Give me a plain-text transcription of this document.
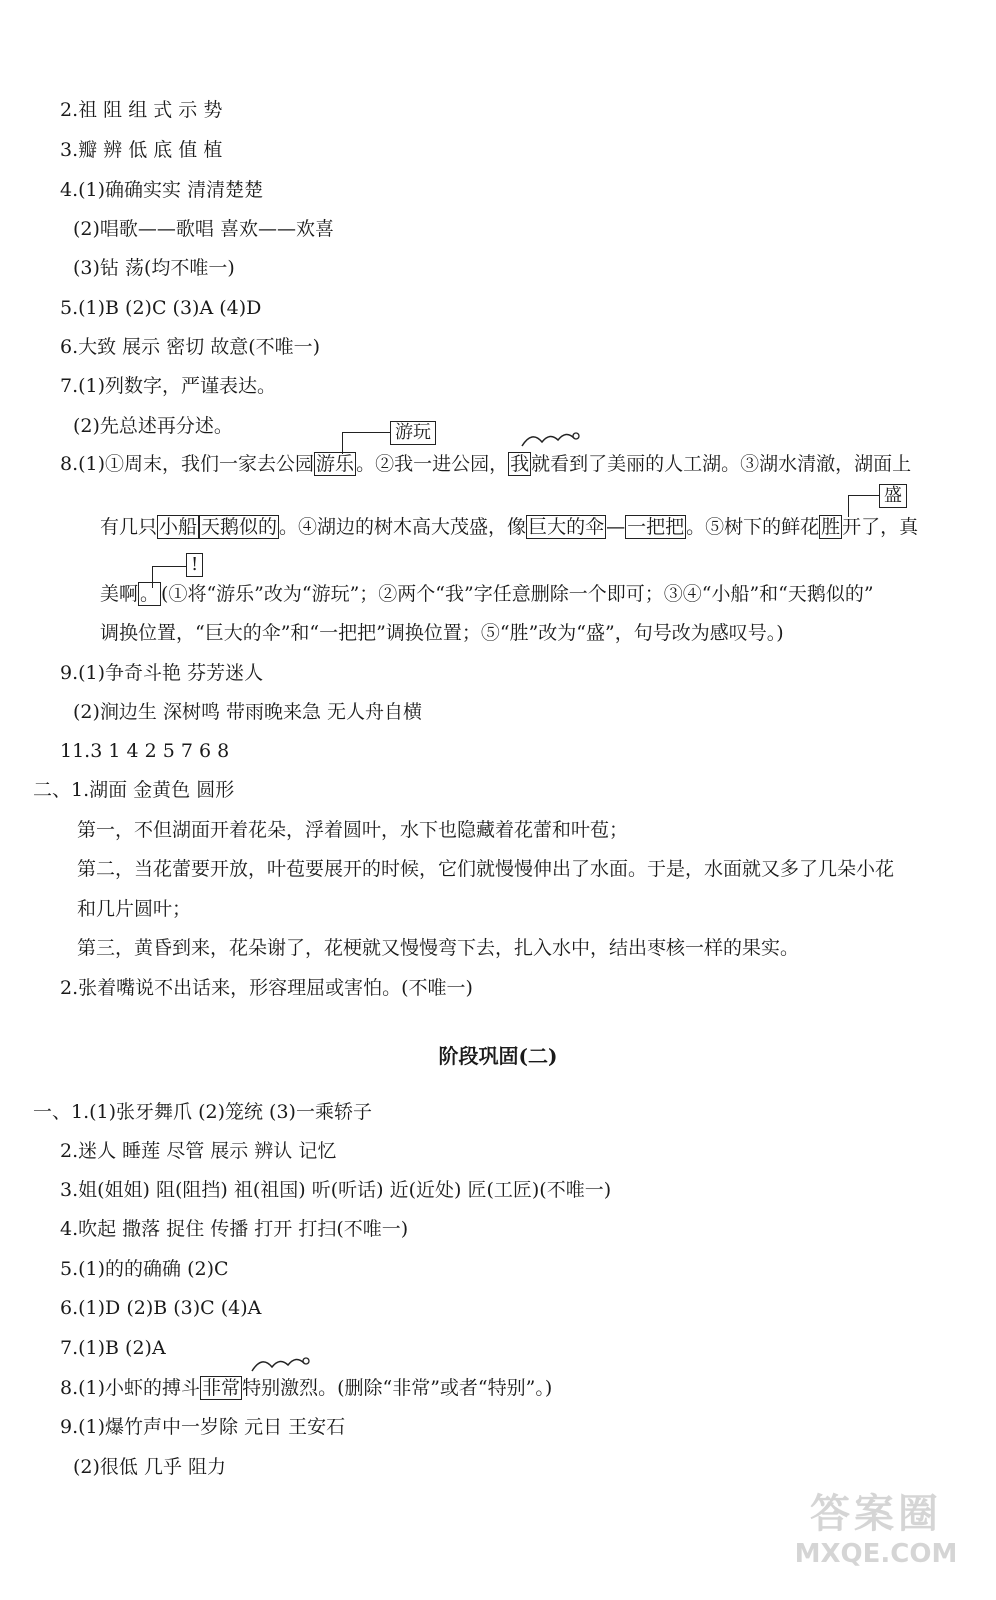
2.祖 阻 组 式 示 势
3.瓣 辨 低 底 值 植
4.(1)确确实实 清清楚楚
(2)唱歌——歌唱 喜欢——欢喜
(3)钻 荡(均不唯一)
5.(1)B (2)C (3)A (4)D
6.大致 展示 密切 故意(不唯一)
7.(1)列数字，严谨表达。
(2)先总述再分述。	游玩
8.(1)①周末，我们一家去公园 游乐 。②我一进公园， 我 就看到了美丽的人工湖。③湖水清澈，湖面上
盛
有几只 小船 天鹅似的 。④湖边的树木高大茂盛，像 巨大的伞 — 一把把 。⑤树下的鲜花 胜 开了，真
!
美啊 。 (①将“游乐”改为“游玩”；②两个“我”字任意删除一个即可；③④“小船”和“天鹅似的”
调换位置，“巨大的伞”和“一把把”调换位置；⑤“胜”改为“盛”，句号改为感叹号。)
9.(1)争奇斗艳 芬芳迷人
(2)涧边生 深树鸣 带雨晚来急 无人舟自横
11.3 1 4 2 5 7 6 8
二、1.湖面 金黄色 圆形
第一，不但湖面开着花朵，浮着圆叶，水下也隐藏着花蕾和叶苞；
第二，当花蕾要开放，叶苞要展开的时候，它们就慢慢伸出了水面。于是，水面就又多了几朵小花
和几片圆叶；
第三，黄昏到来，花朵谢了，花梗就又慢慢弯下去，扎入水中，结出枣核一样的果实。
2.张着嘴说不出话来，形容理屈或害怕。(不唯一)
阶段巩固(二)
一、1.(1)张牙舞爪 (2)笼统 (3)一乘轿子
2.迷人 睡莲 尽管 展示 辨认 记忆
3.姐(姐姐) 阻(阻挡) 祖(祖国) 听(听话) 近(近处) 匠(工匠)(不唯一)
4.吹起 撒落 捉住 传播 打开 打扫(不唯一)
5.(1)的的确确 (2)C
6.(1)D (2)B (3)C (4)A
7.(1)B (2)A
8.(1)小虾的搏斗 非常 特别激烈。(删除“非常”或者“特别”。)
9.(1)爆竹声中一岁除 元日 王安石
(2)很低 几乎 阻力
答案圈
MXQE.COM
